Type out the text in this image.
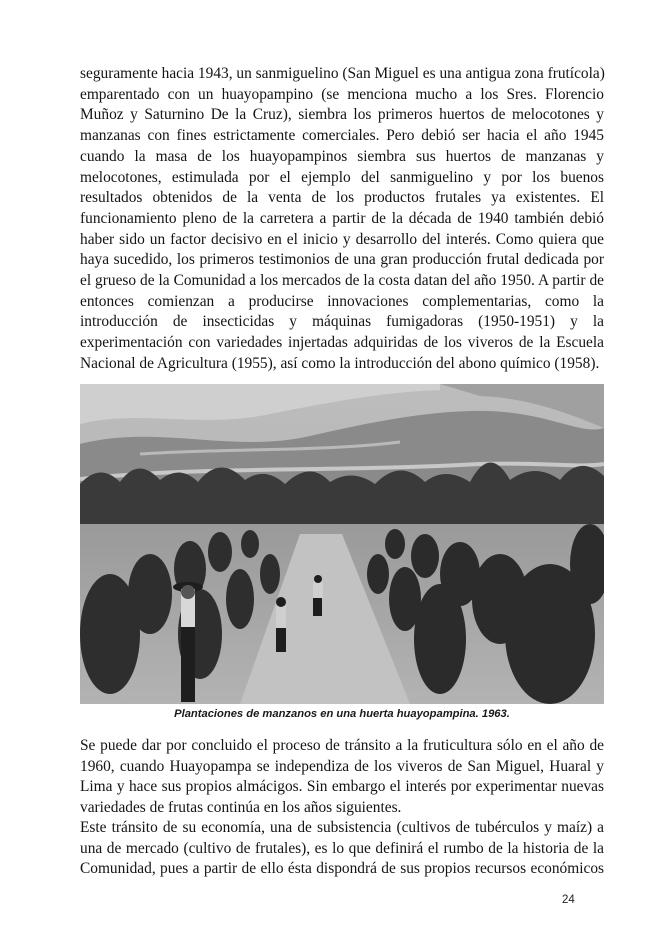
seguramente hacia 1943, un sanmiguelino (San Miguel es una antigua zona frutícola)
emparentado con un huayopampino (se menciona mucho a los Sres. Florencio
Muñoz y Saturnino De la Cruz), siembra los primeros huertos de melocotones y
manzanas con fines estrictamente comerciales. Pero debió ser hacia el año 1945
cuando la masa de los huayopampinos siembra sus huertos de manzanas y
melocotones, estimulada por el ejemplo del sanmiguelino y por los buenos
resultados obtenidos de la venta de los productos frutales ya existentes. El
funcionamiento pleno de la carretera a partir de la década de 1940 también debió
haber sido un factor decisivo en el inicio y desarrollo del interés. Como quiera que
haya sucedido, los primeros testimonios de una gran producción frutal dedicada por
el grueso de la Comunidad a los mercados de la costa datan del año 1950. A partir de
entonces comienzan a producirse innovaciones complementarias, como la
introducción de insecticidas y máquinas fumigadoras (1950-1951) y la
experimentación con variedades injertadas adquiridas de los viveros de la Escuela
Nacional de Agricultura (1955), así como la introducción del abono químico (1958).
Plantaciones de manzanos en una huerta huayopampina. 1963.
Se puede dar por concluido el proceso de tránsito a la fruticultura sólo en el año de
1960, cuando Huayopampa se independiza de los viveros de San Miguel, Huaral y
Lima y hace sus propios almácigos. Sin embargo el interés por experimentar nuevas
variedades de frutas continúa en los años siguientes.
Este tránsito de su economía, una de subsistencia (cultivos de tubérculos y maíz) a
una de mercado (cultivo de frutales), es lo que definirá el rumbo de la historia de la
Comunidad, pues a partir de ello ésta dispondrá de sus propios recursos económicos
24
